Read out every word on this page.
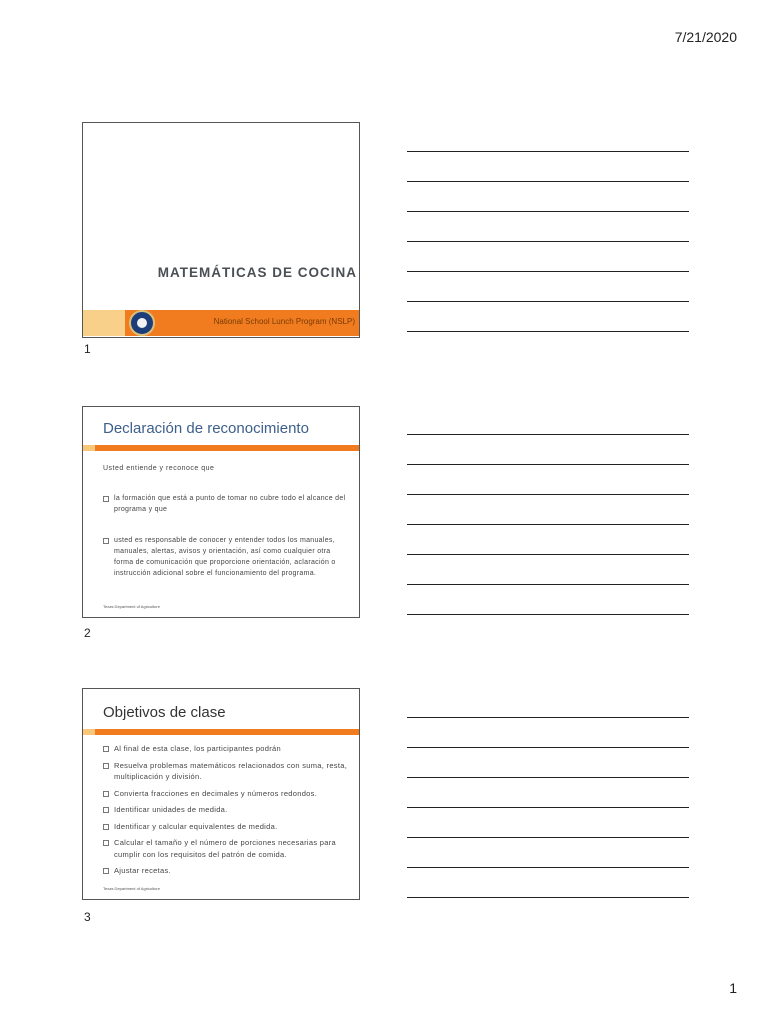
7/21/2020
MATEMÁTICAS DE COCINA
National School Lunch Program (NSLP)
1
Declaración de reconocimiento
Usted entiende y reconoce que
la formación que está a punto de tomar no cubre todo el alcance del programa y que
usted es responsable de conocer y entender todos los manuales, manuales, alertas, avisos y orientación, así como cualquier otra forma de comunicación que proporcione orientación, aclaración o instrucción adicional sobre el funcionamiento del programa.
Texas Department of Agriculture
2
Objetivos de clase
Al final de esta clase, los participantes podrán
Resuelva problemas matemáticos relacionados con suma, resta, multiplicación y división.
Convierta fracciones en decimales y números redondos.
Identificar unidades de medida.
Identificar y calcular equivalentes de medida.
Calcular el tamaño y el número de porciones necesarias para cumplir con los requisitos del patrón de comida.
Ajustar recetas.
Texas Department of Agriculture
3
1
